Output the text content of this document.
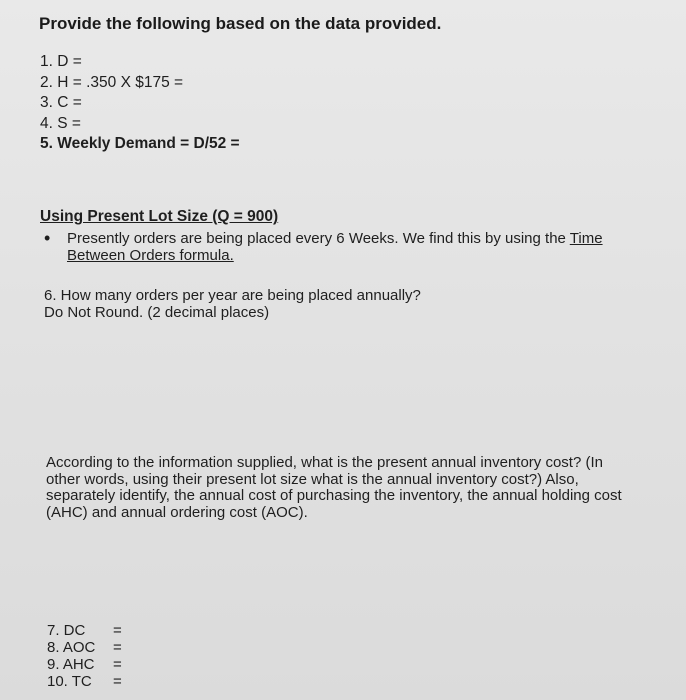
Provide the following based on the data provided.
1. D =
2. H = .350 X $175 =
3. C =
4. S =
5. Weekly Demand = D/52 =
Using Present Lot Size (Q = 900)
• Presently orders are being placed every 6 Weeks. We find this by using the Time
Between Orders formula.
6. How many orders per year are being placed annually?
Do Not Round. (2 decimal places)
According to the information supplied, what is the present annual inventory cost? (In
other words, using their present lot size what is the annual inventory cost?) Also,
separately identify, the annual cost of purchasing the inventory, the annual holding cost
(AHC) and annual ordering cost (AOC).
7. DC =
8. AOC =
9. AHC =
10. TC =
